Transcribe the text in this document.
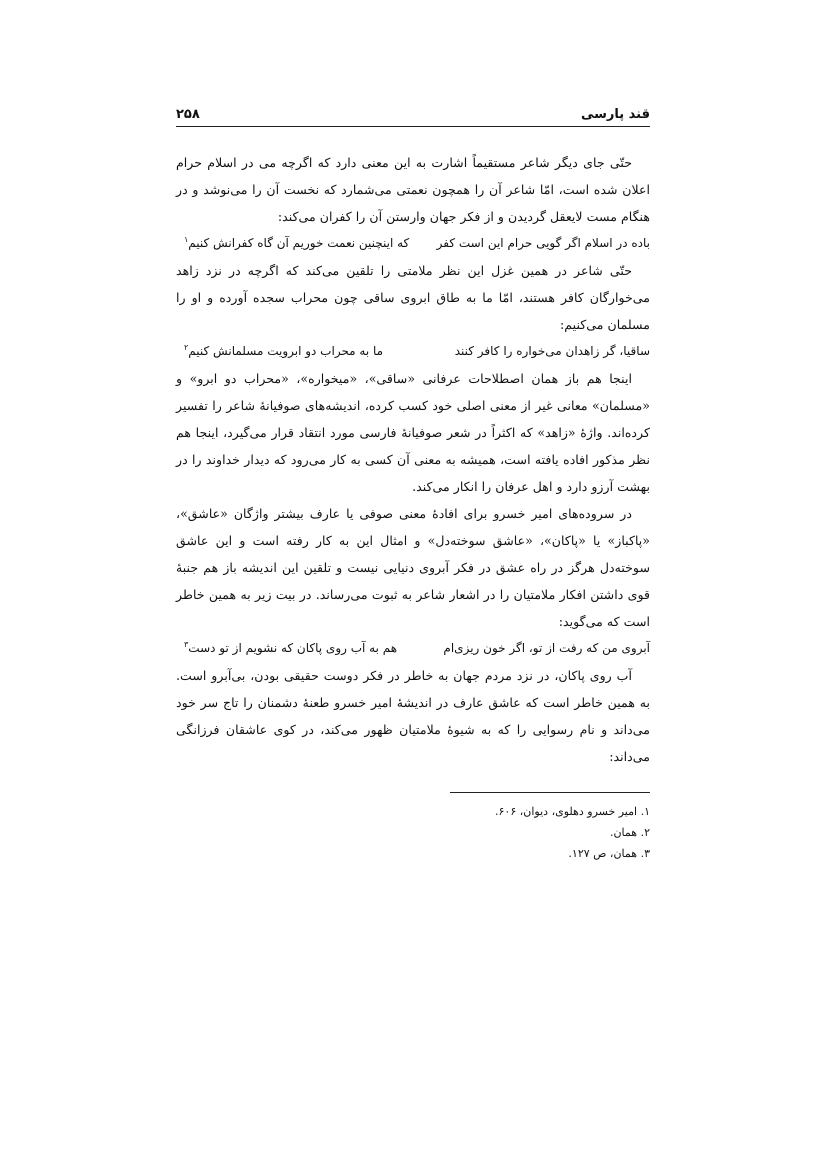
قند پارسی
۲۵۸

حتّی جای دیگر شاعر مستقیماً اشارت به این معنی دارد که اگرچه می در اسلام حرام اعلان شده است، امّا شاعر آن را همچون نعمتی می‌شمارد که نخست آن را می‌نوشد و در هنگام مست لایعقل گردیدن و از فکر جهان وارستن آن را کفران می‌کند:

باده در اسلام اگر گویی حرام این است کفر
که اینچنین نعمت خوریم آن گاه کفرانش کنیم$^۱$

حتّی شاعر در همین غزل این نظر ملامتی را تلقین می‌کند که اگرچه در نزد زاهد می‌خوارگان کافر هستند، امّا ما به طاق ابروی ساقی چون محراب سجده آورده و او را مسلمان می‌کنیم:

ساقیا، گر زاهدان می‌خواره را کافر کنند
ما به محراب دو ابرویت مسلمانش کنیم$^۲$

اینجا هم باز همان اصطلاحات عرفانی «ساقی»، «میخواره»، «محراب دو ابرو» و «مسلمان» معانی غیر از معنی اصلی خود کسب کرده، اندیشه‌های صوفیانهٔ شاعر را تفسیر کرده‌اند. واژهٔ «زاهد» که اکثراً در شعر صوفیانهٔ فارسی مورد انتقاد قرار می‌گیرد، اینجا هم نظر مذکور افاده یافته است، همیشه به معنی آن کسی به کار می‌رود که دیدار خداوند را در بهشت آرزو دارد و اهل عرفان را انکار می‌کند.

در سروده‌های امیر خسرو برای افادهٔ معنی صوفی یا عارف بیشتر واژگان «عاشق»، «پاکباز» یا «پاکان»، «عاشق سوخته‌دل» و امثال این به کار رفته است و این عاشق سوخته‌دل هرگز در راه عشق در فکر آبروی دنیایی نیست و تلقین این اندیشه باز هم جنبهٔ قوی داشتن افکار ملامتیان را در اشعار شاعر به ثبوت می‌رساند. در بیت زیر به همین خاطر است که می‌گوید:

آبروی من که رفت از تو، اگر خون ریزی‌ام
هم به آب روی پاکان که نشویم از تو دست$^۳$

آب روی پاکان، در نزد مردم جهان به خاطر در فکر دوست حقیقی بودن، بی‌آبرو است. به همین خاطر است که عاشق عارف در اندیشهٔ امیر خسرو طعنهٔ دشمنان را تاج سر خود می‌داند و نام رسوایی را که به شیوهٔ ملامتیان ظهور می‌کند، در کوی عاشقان فرزانگی می‌داند:

۱. امیر خسرو دهلوی، دیوان، ۶۰۶.
۲. همان.
۳. همان، ص ۱۲۷.
